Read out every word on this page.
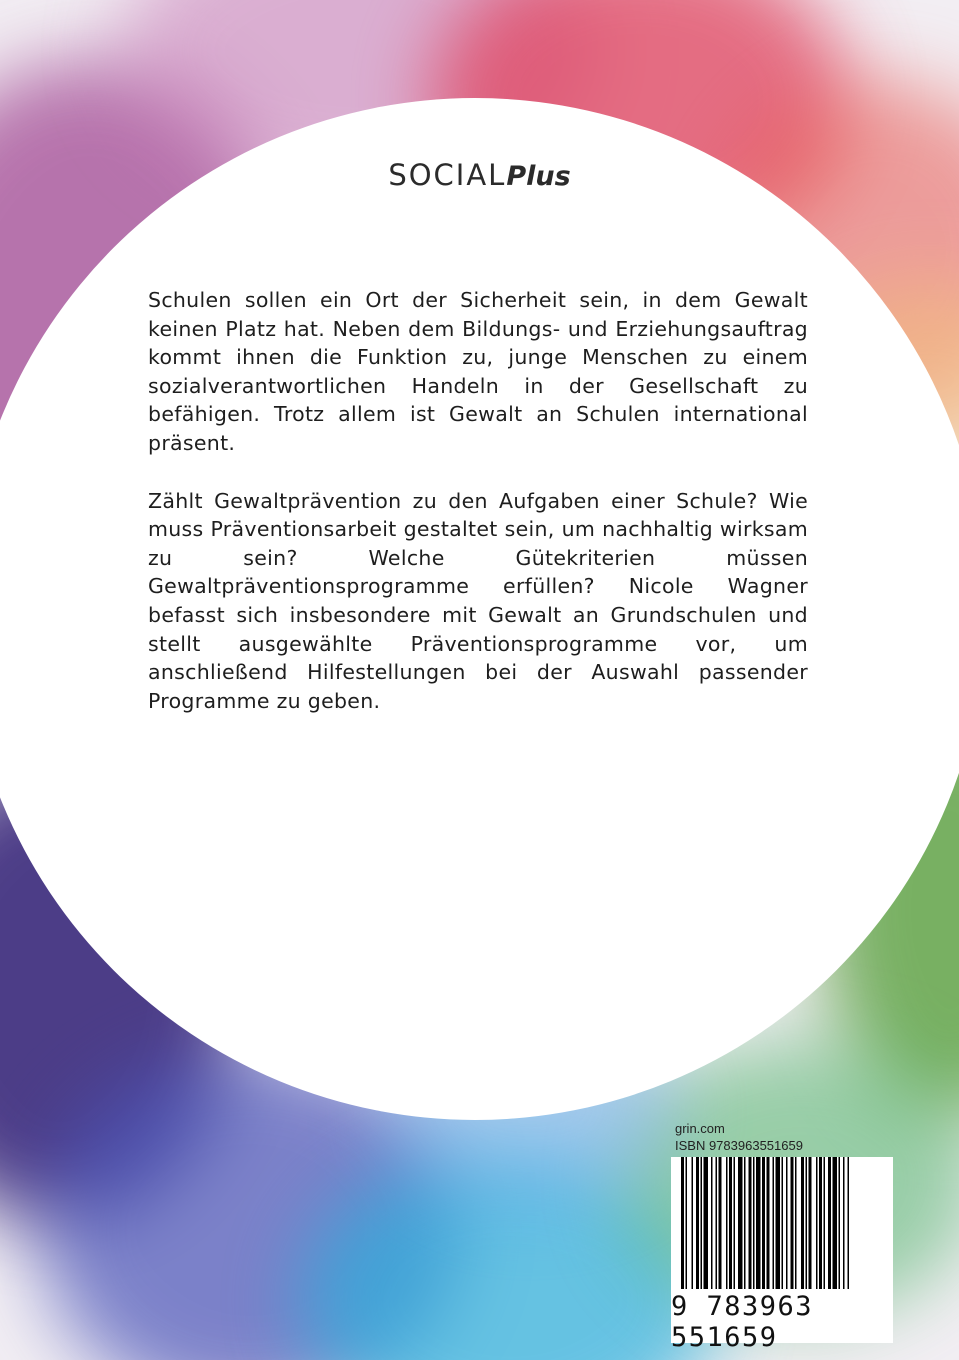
SOCIALPlus

Schulen sollen ein Ort der Sicherheit sein, in dem Gewalt keinen Platz hat. Neben dem Bildungs- und Erziehungsauftrag kommt ihnen die Funktion zu, junge Menschen zu einem sozialverantwortlichen Handeln in der Gesellschaft zu befähigen. Trotz allem ist Gewalt an Schulen international präsent.

Zählt Gewaltprävention zu den Aufgaben einer Schule? Wie muss Präventionsarbeit gestaltet sein, um nachhaltig wirksam zu sein? Welche Gütekriterien müssen Gewaltpräventionsprogramme erfüllen? Nicole Wagner befasst sich insbesondere mit Gewalt an Grundschulen und stellt ausgewählte Präventionsprogramme vor, um anschließend Hilfestellungen bei der Auswahl passender Programme zu geben.

grin.com
ISBN 9783963551659
9 783963 551659
